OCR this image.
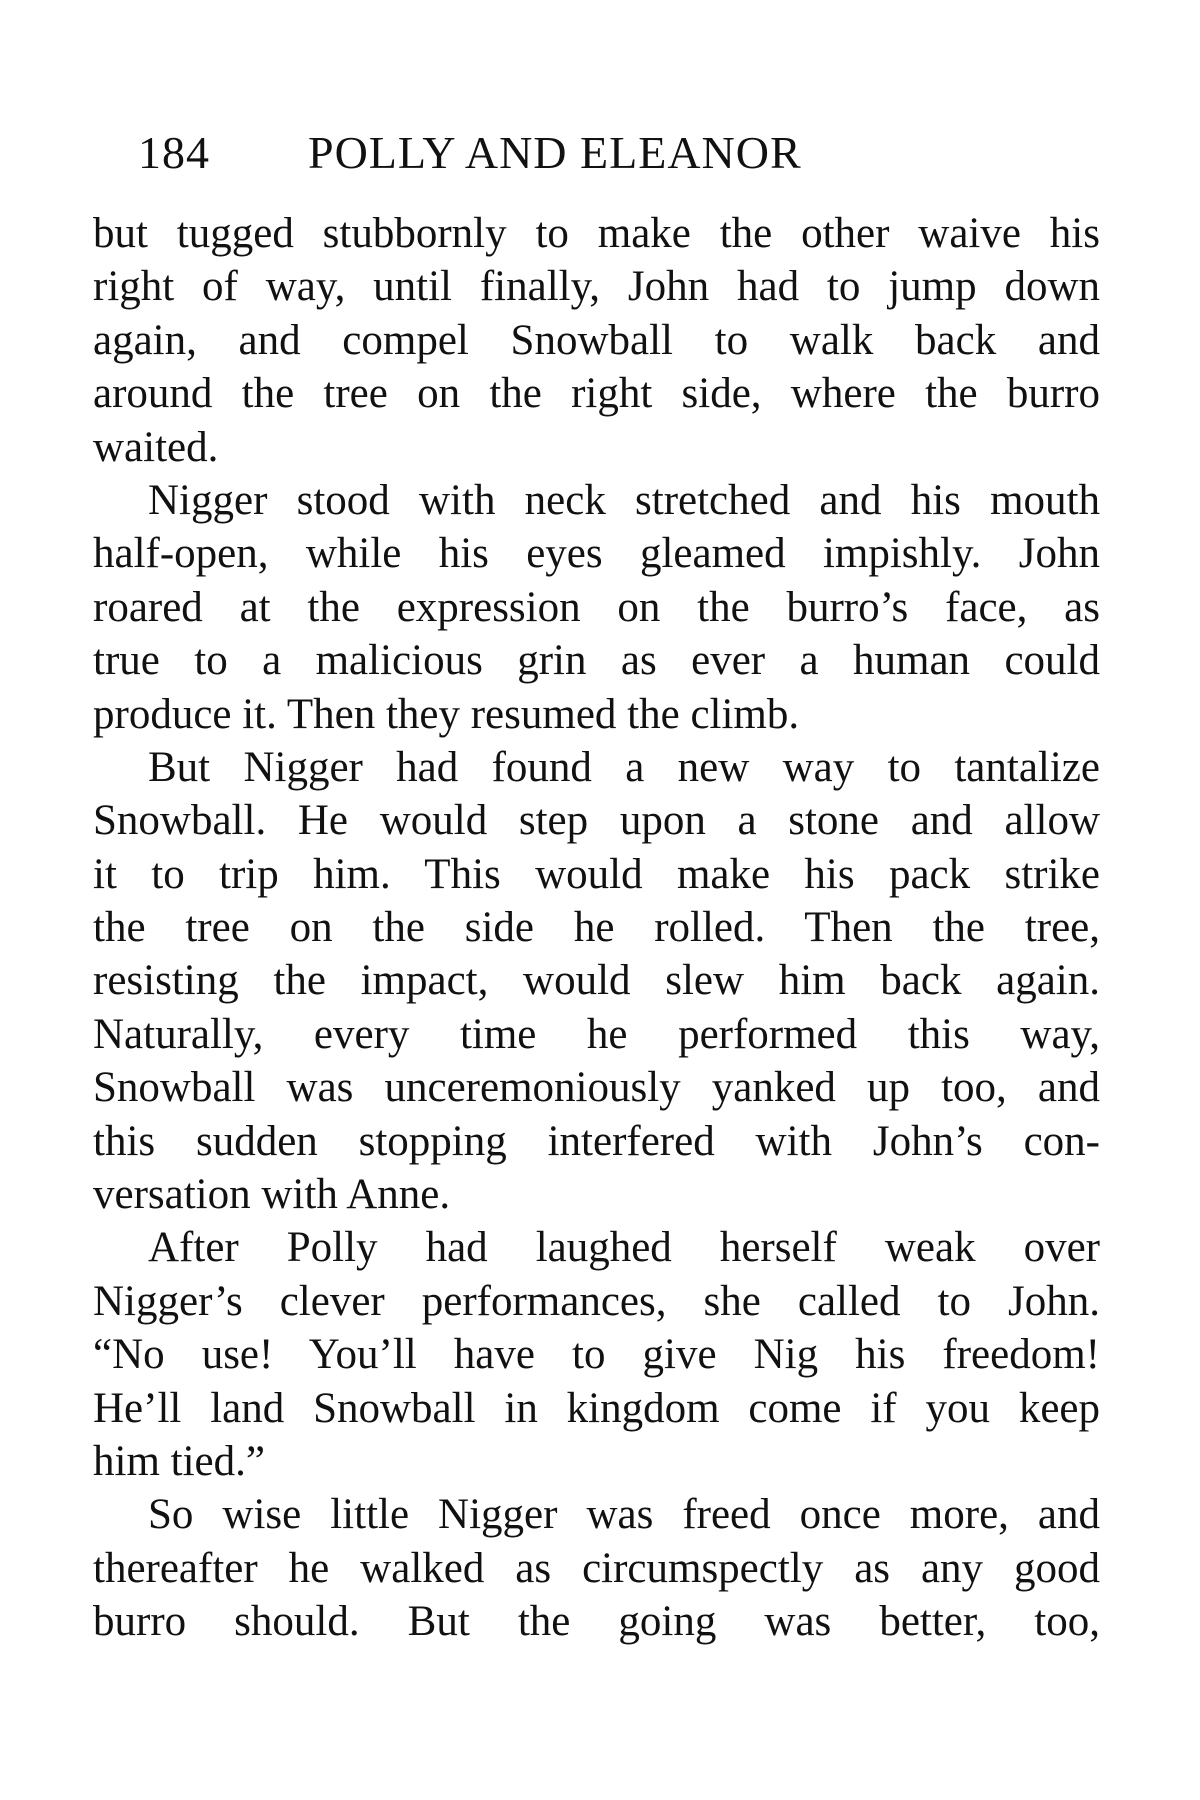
184 POLLY AND ELEANOR
but tugged stubbornly to make the other waive his
right of way, until finally, John had to jump down
again, and compel Snowball to walk back and
around the tree on the right side, where the burro
waited.
Nigger stood with neck stretched and his mouth
half-open, while his eyes gleamed impishly. John
roared at the expression on the burro’s face, as
true to a malicious grin as ever a human could
produce it. Then they resumed the climb.
But Nigger had found a new way to tantalize
Snowball. He would step upon a stone and allow
it to trip him. This would make his pack strike
the tree on the side he rolled. Then the tree,
resisting the impact, would slew him back again.
Naturally, every time he performed this way,
Snowball was unceremoniously yanked up too, and
this sudden stopping interfered with John’s con-
versation with Anne.
After Polly had laughed herself weak over
Nigger’s clever performances, she called to John.
“No use! You’ll have to give Nig his freedom!
He’ll land Snowball in kingdom come if you keep
him tied.”
So wise little Nigger was freed once more, and
thereafter he walked as circumspectly as any good
burro should. But the going was better, too,
